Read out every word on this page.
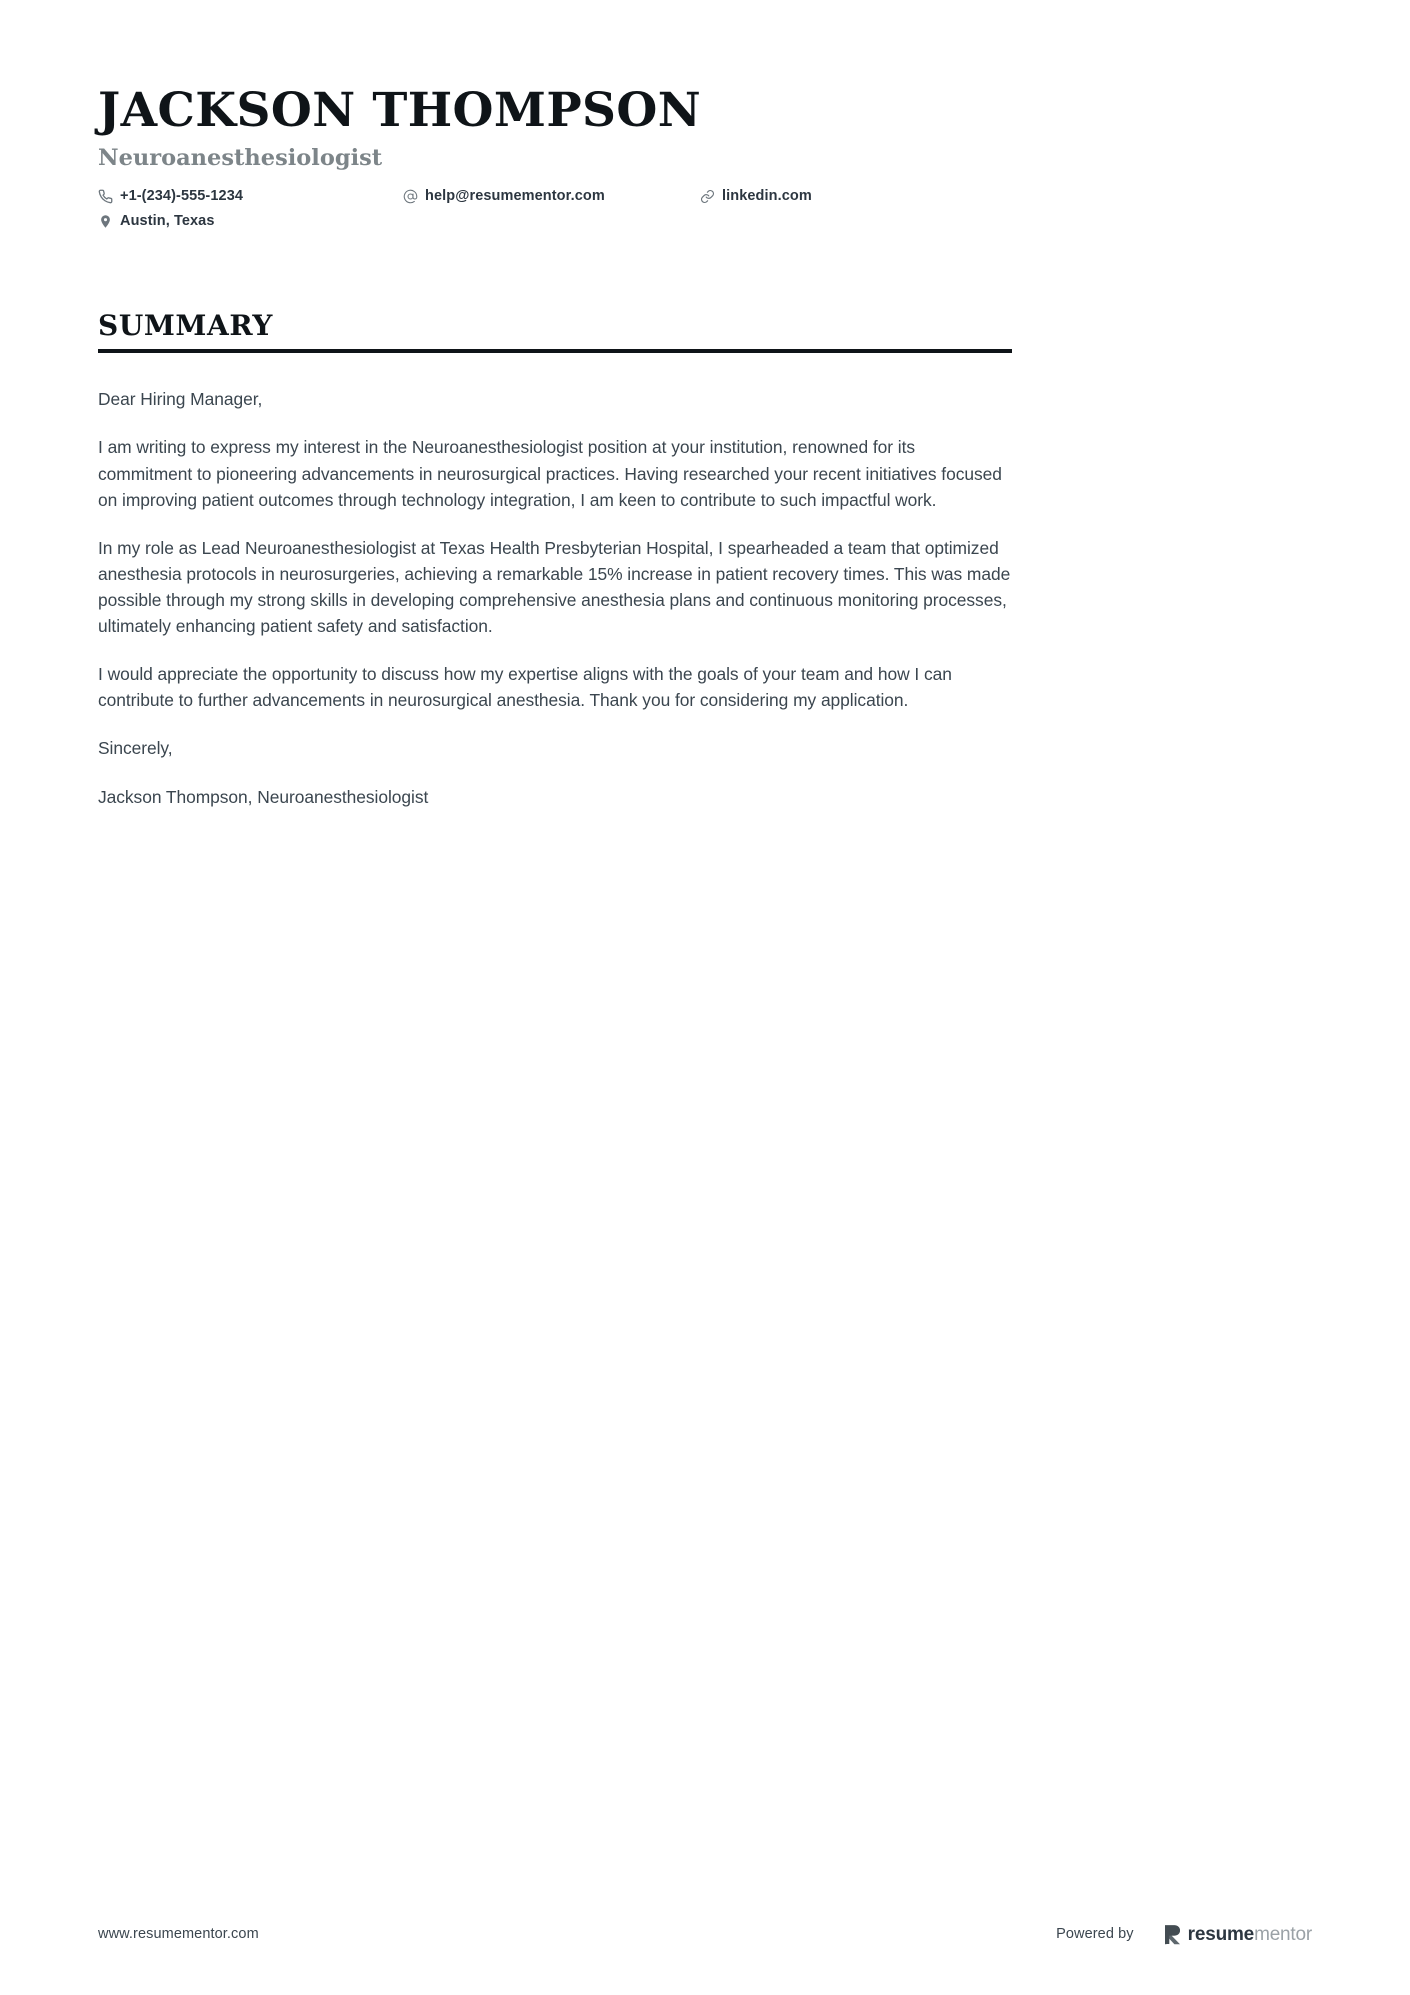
JACKSON THOMPSON
Neuroanesthesiologist
+1-(234)-555-1234	help@resumementor.com	linkedin.com
Austin, Texas
SUMMARY

Dear Hiring Manager,

I am writing to express my interest in the Neuroanesthesiologist position at your institution, renowned for its commitment to pioneering advancements in neurosurgical practices. Having researched your recent initiatives focused on improving patient outcomes through technology integration, I am keen to contribute to such impactful work.

In my role as Lead Neuroanesthesiologist at Texas Health Presbyterian Hospital, I spearheaded a team that optimized anesthesia protocols in neurosurgeries, achieving a remarkable 15% increase in patient recovery times. This was made possible through my strong skills in developing comprehensive anesthesia plans and continuous monitoring processes, ultimately enhancing patient safety and satisfaction.

I would appreciate the opportunity to discuss how my expertise aligns with the goals of your team and how I can contribute to further advancements in neurosurgical anesthesia. Thank you for considering my application.

Sincerely,

Jackson Thompson, Neuroanesthesiologist

www.resumementor.com	Powered by	resumementor
